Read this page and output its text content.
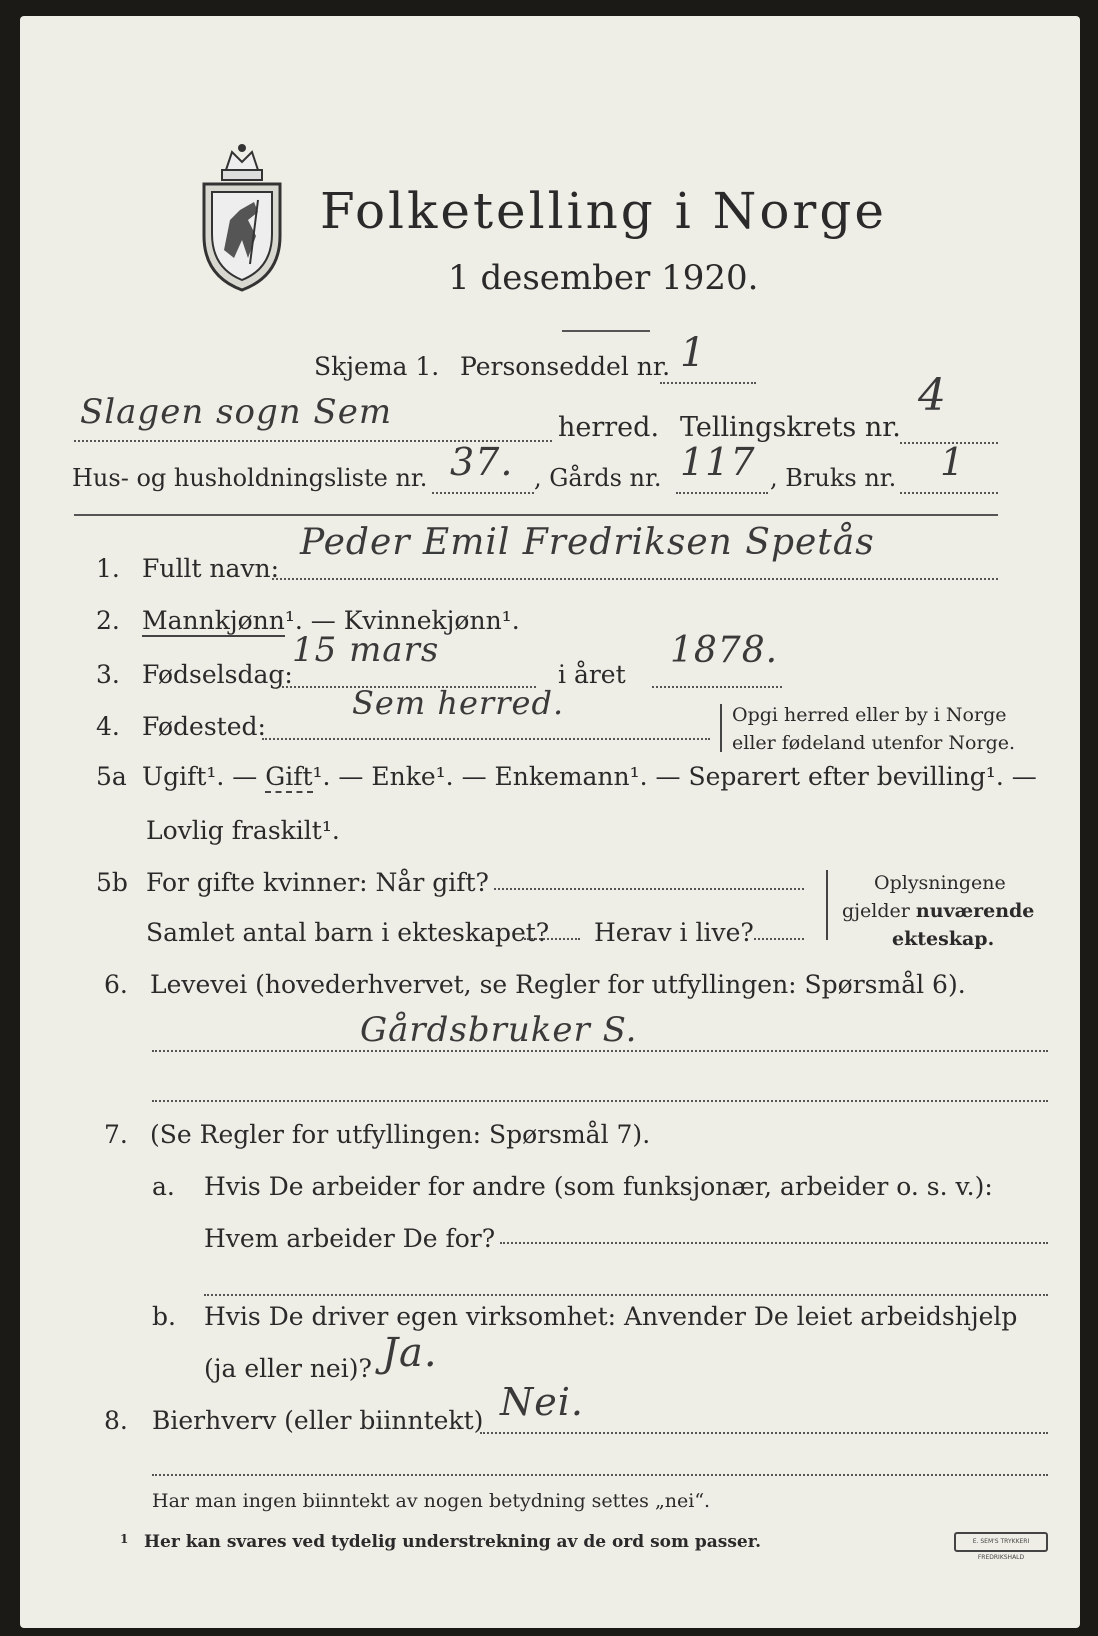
Folketelling i Norge
1 desember 1920.
Skjema 1. Personseddel nr. 1
Slagen sogn Sem	herred. Tellingskrets nr.
4
Hus- og husholdningsliste nr. 37. , Gårds nr. 117 , Bruks nr. 1
1. Fullt navn:
Peder Emil Fredriksen Spetås
2. Mannkjønn¹. — Kvinnekjønn¹.
3. Fødselsdag:
15 mars
i året
1878.
4. Fødested:
Sem herred.	Opgi herred eller by i Norge
eller fødeland utenfor Norge.
5a Ugift¹. — Gift¹. — Enke¹. — Enkemann¹. — Separert efter bevilling¹. —
Lovlig fraskilt¹.
5b For gifte kvinner: Når gift?
Samlet antal barn i ekteskapet? Herav i live?
Oplysningene
gjelder nuværende
ekteskap.
6. Levevei (hovederhvervet, se Regler for utfyllingen: Spørsmål 6).
Gårdsbruker S.
7. (Se Regler for utfyllingen: Spørsmål 7).
a. Hvis De arbeider for andre (som funksjonær, arbeider o. s. v.):
Hvem arbeider De for?
b. Hvis De driver egen virksomhet: Anvender De leiet arbeidshjelp
(ja eller nei)? Ja.
8. Bierhverv (eller biinntekt) Nei.
Har man ingen biinntekt av nogen betydning settes „nei“.
1 Her kan svares ved tydelig understrekning av de ord som passer.	E. SEM'S TRYKKERI FREDRIKSHALD
